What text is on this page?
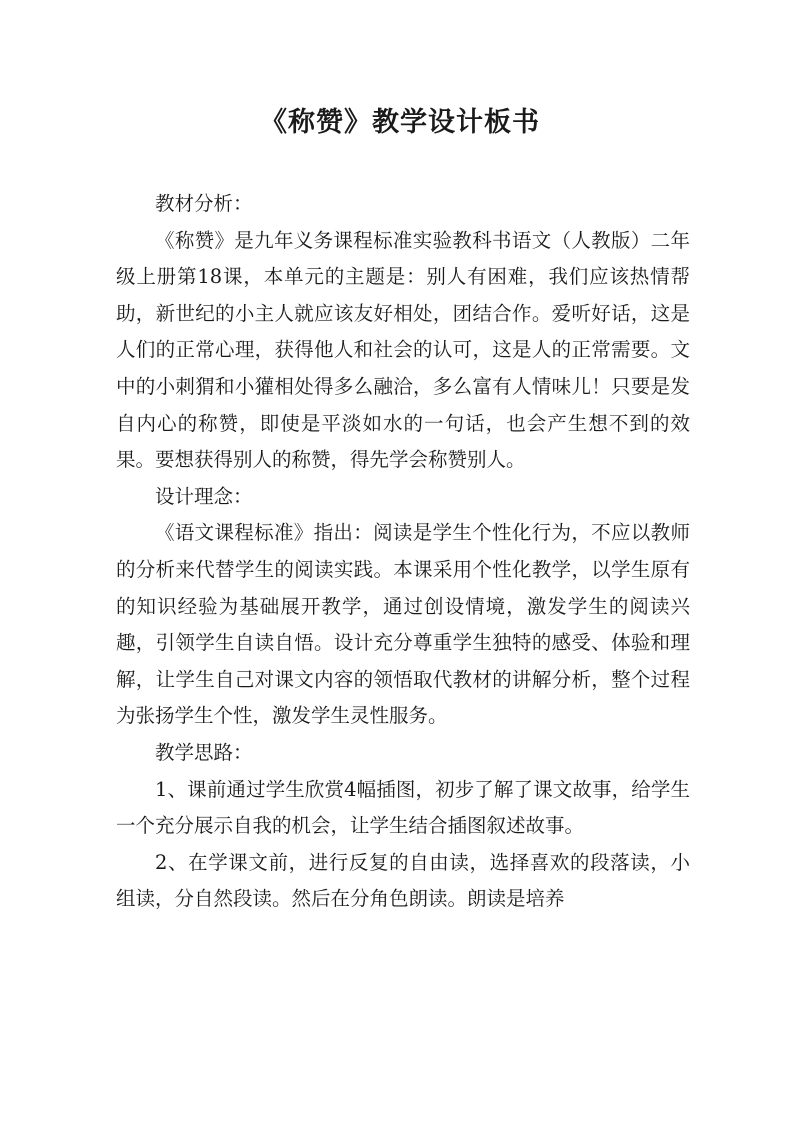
《称赞》教学设计板书

教材分析：

《称赞》是九年义务课程标准实验教科书语文（人教版）二年级上册第18课，本单元的主题是：别人有困难，我们应该热情帮助，新世纪的小主人就应该友好相处，团结合作。爱听好话，这是人们的正常心理，获得他人和社会的认可，这是人的正常需要。文中的小刺猬和小獾相处得多么融洽，多么富有人情味儿！只要是发自内心的称赞，即使是平淡如水的一句话，也会产生想不到的效果。要想获得别人的称赞，得先学会称赞别人。

设计理念：

《语文课程标准》指出：阅读是学生个性化行为，不应以教师的分析来代替学生的阅读实践。本课采用个性化教学，以学生原有的知识经验为基础展开教学，通过创设情境，激发学生的阅读兴趣，引领学生自读自悟。设计充分尊重学生独特的感受、体验和理解，让学生自己对课文内容的领悟取代教材的讲解分析，整个过程为张扬学生个性，激发学生灵性服务。

教学思路：

1、课前通过学生欣赏4幅插图，初步了解了课文故事，给学生一个充分展示自我的机会，让学生结合插图叙述故事。

2、在学课文前，进行反复的自由读，选择喜欢的段落读，小组读，分自然段读。然后在分角色朗读。朗读是培养
